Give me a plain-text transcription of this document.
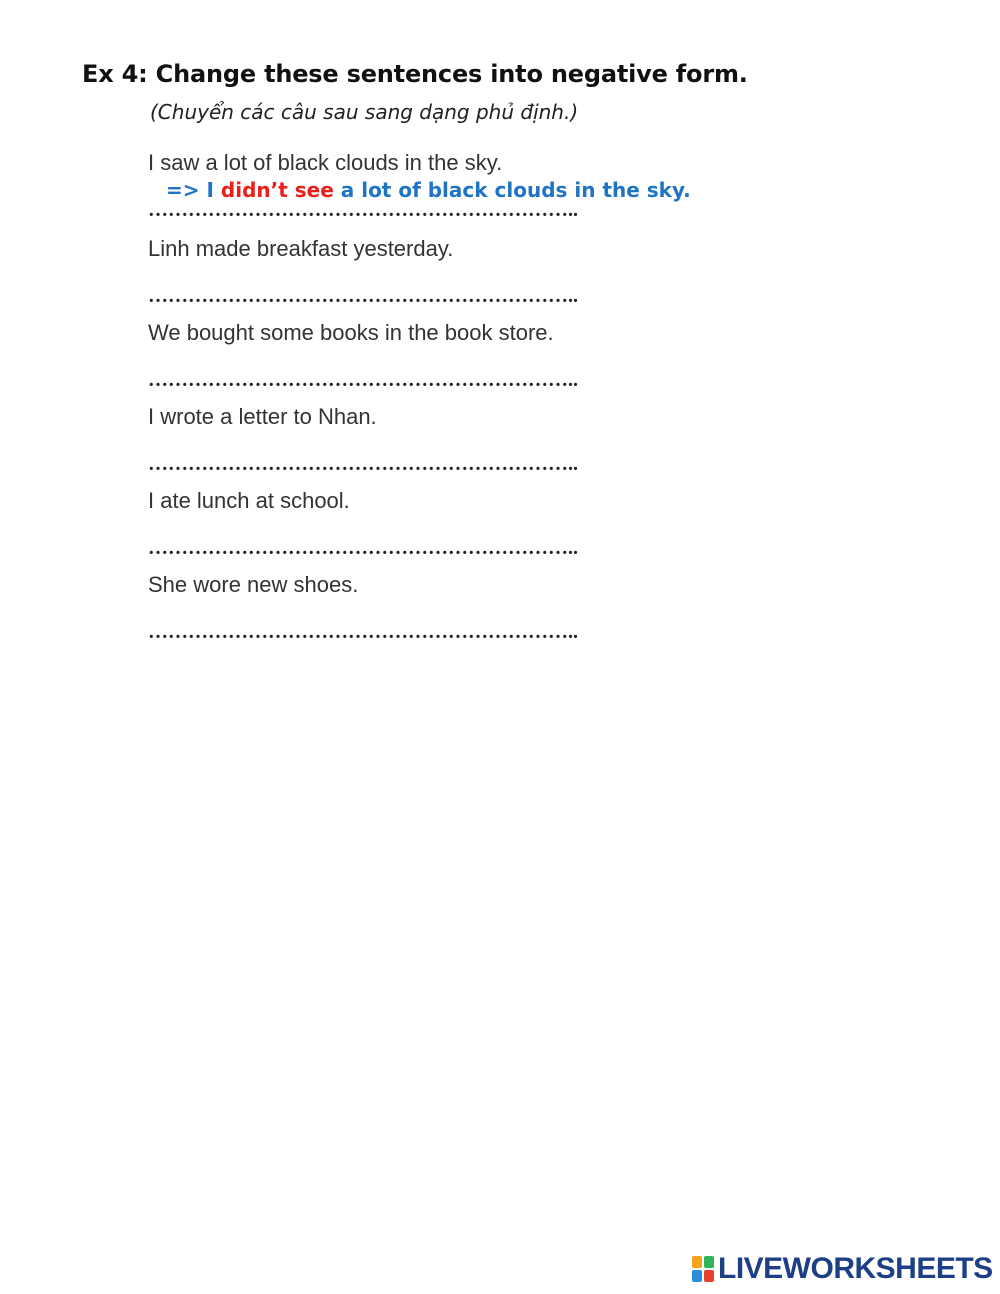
Ex 4: Change these sentences into negative form.
(Chuyển các câu sau sang dạng phủ định.)
I saw a lot of black clouds in the sky.
………………………………………………………..
=> I didn’t see a lot of black clouds in the sky.
Linh made breakfast yesterday.
………………………………………………………..
We bought some books in the book store.
………………………………………………………..
I wrote a letter to Nhan.
………………………………………………………..
I ate lunch at school.
………………………………………………………..
She wore new shoes.
………………………………………………………..
LIVEWORKSHEETS
